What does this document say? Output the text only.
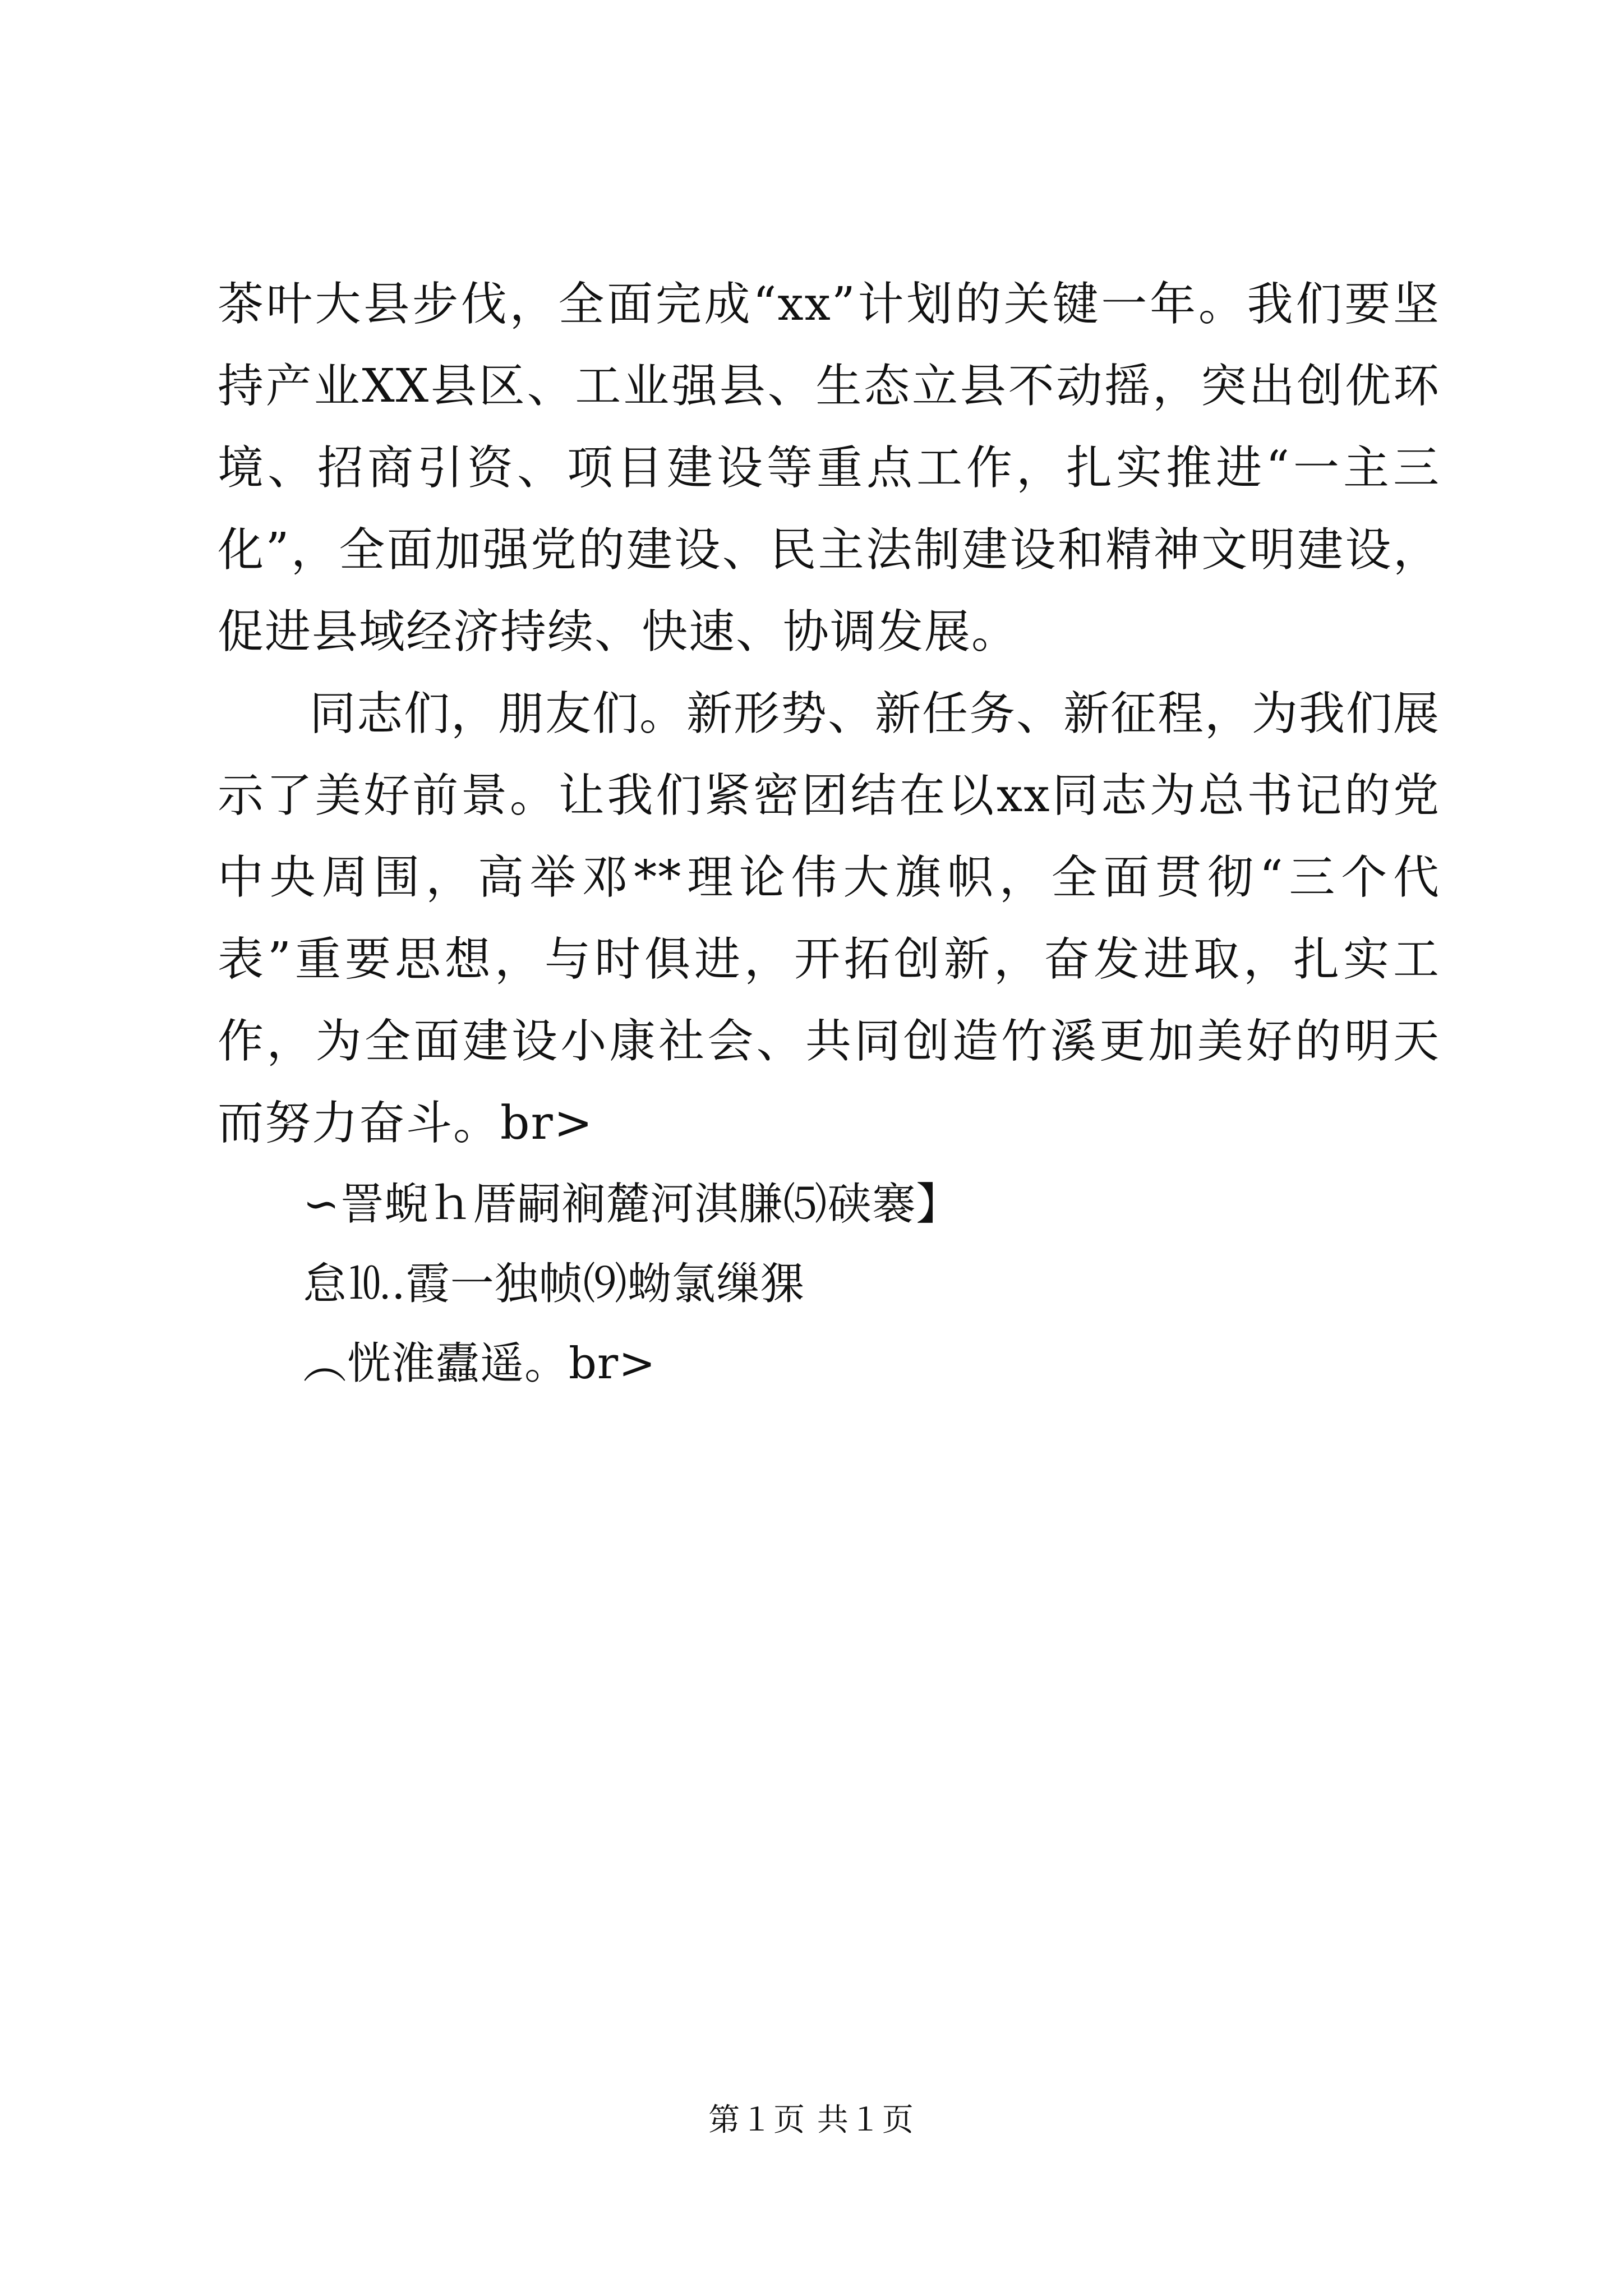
茶叶大县步伐，全面完成“xx”计划的关键一年。我们要坚持产业XX县区、工业强县、生态立县不动摇，突出创优环境、招商引资、项目建设等重点工作，扎实推进“一主三化”，全面加强党的建设、民主法制建设和精神文明建设，促进县域经济持续、快速、协调发展。

同志们，朋友们。新形势、新任务、新征程，为我们展示了美好前景。让我们紧密团结在以xx同志为总书记的党中央周围，高举邓**理论伟大旗帜，全面贯彻“三个代表”重要思想，与时俱进，开拓创新，奋发进取，扎实工作，为全面建设小康社会、共同创造竹溪更加美好的明天而努力奋斗。br>

∽詈蜺ｈ厝嗣裥麓河淇膁⑸硖褰】

怠⒑.霞一独帧⑼蚴氯缫猓

︵恍淮蠹遥。br>

第１页 共１页
